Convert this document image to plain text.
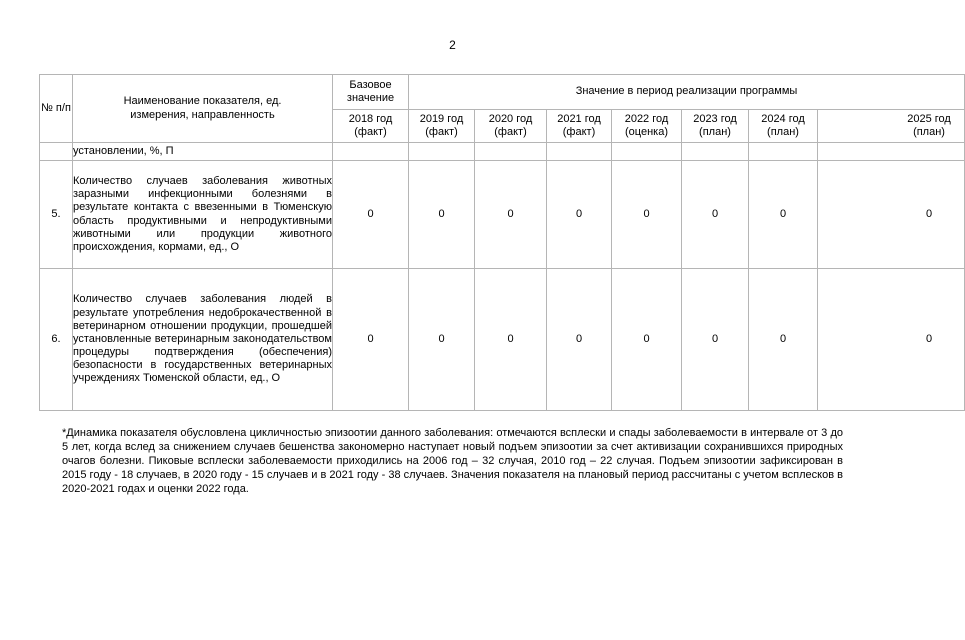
2
№ п/п	Наименование показателя, ед. измерения, направленность	Базовое значение	Значение в период реализации программы						
		2018 год (факт)	2019 год (факт)	2020 год (факт)	2021 год (факт)	2022 год (оценка)	2023 год (план)	2024 год (план)	2025 год (план)
	установлении, %, П								
5.	Количество случаев заболевания животных заразными инфекционными болезнями в результате контакта с ввезенными в Тюменскую область продуктивными и непродуктивными животными или продукции животного происхождения, кормами, ед., О	0	0	0	0	0	0	0	0
6.	Количество случаев заболевания людей в результате употребления недоброкачественной в ветеринарном отношении продукции, прошедшей установленные ветеринарным законодательством процедуры подтверждения (обеспечения) безопасности в государственных ветеринарных учреждениях Тюменской области, ед., О	0	0	0	0	0	0	0	0

*Динамика показателя обусловлена цикличностью эпизоотии данного заболевания: отмечаются всплески и спады заболеваемости в интервале от 3 до 5 лет, когда вслед за снижением случаев бешенства закономерно наступает новый подъем эпизоотии за счет активизации сохранившихся природных очагов болезни. Пиковые всплески заболеваемости приходились на 2006 год – 32 случая, 2010 год – 22 случая. Подъем эпизоотии зафиксирован в 2015 году - 18 случаев, в 2020 году - 15 случаев и в 2021 году - 38 случаев. Значения показателя на плановый период рассчитаны с учетом всплесков в 2020-2021 годах и оценки 2022 года.
